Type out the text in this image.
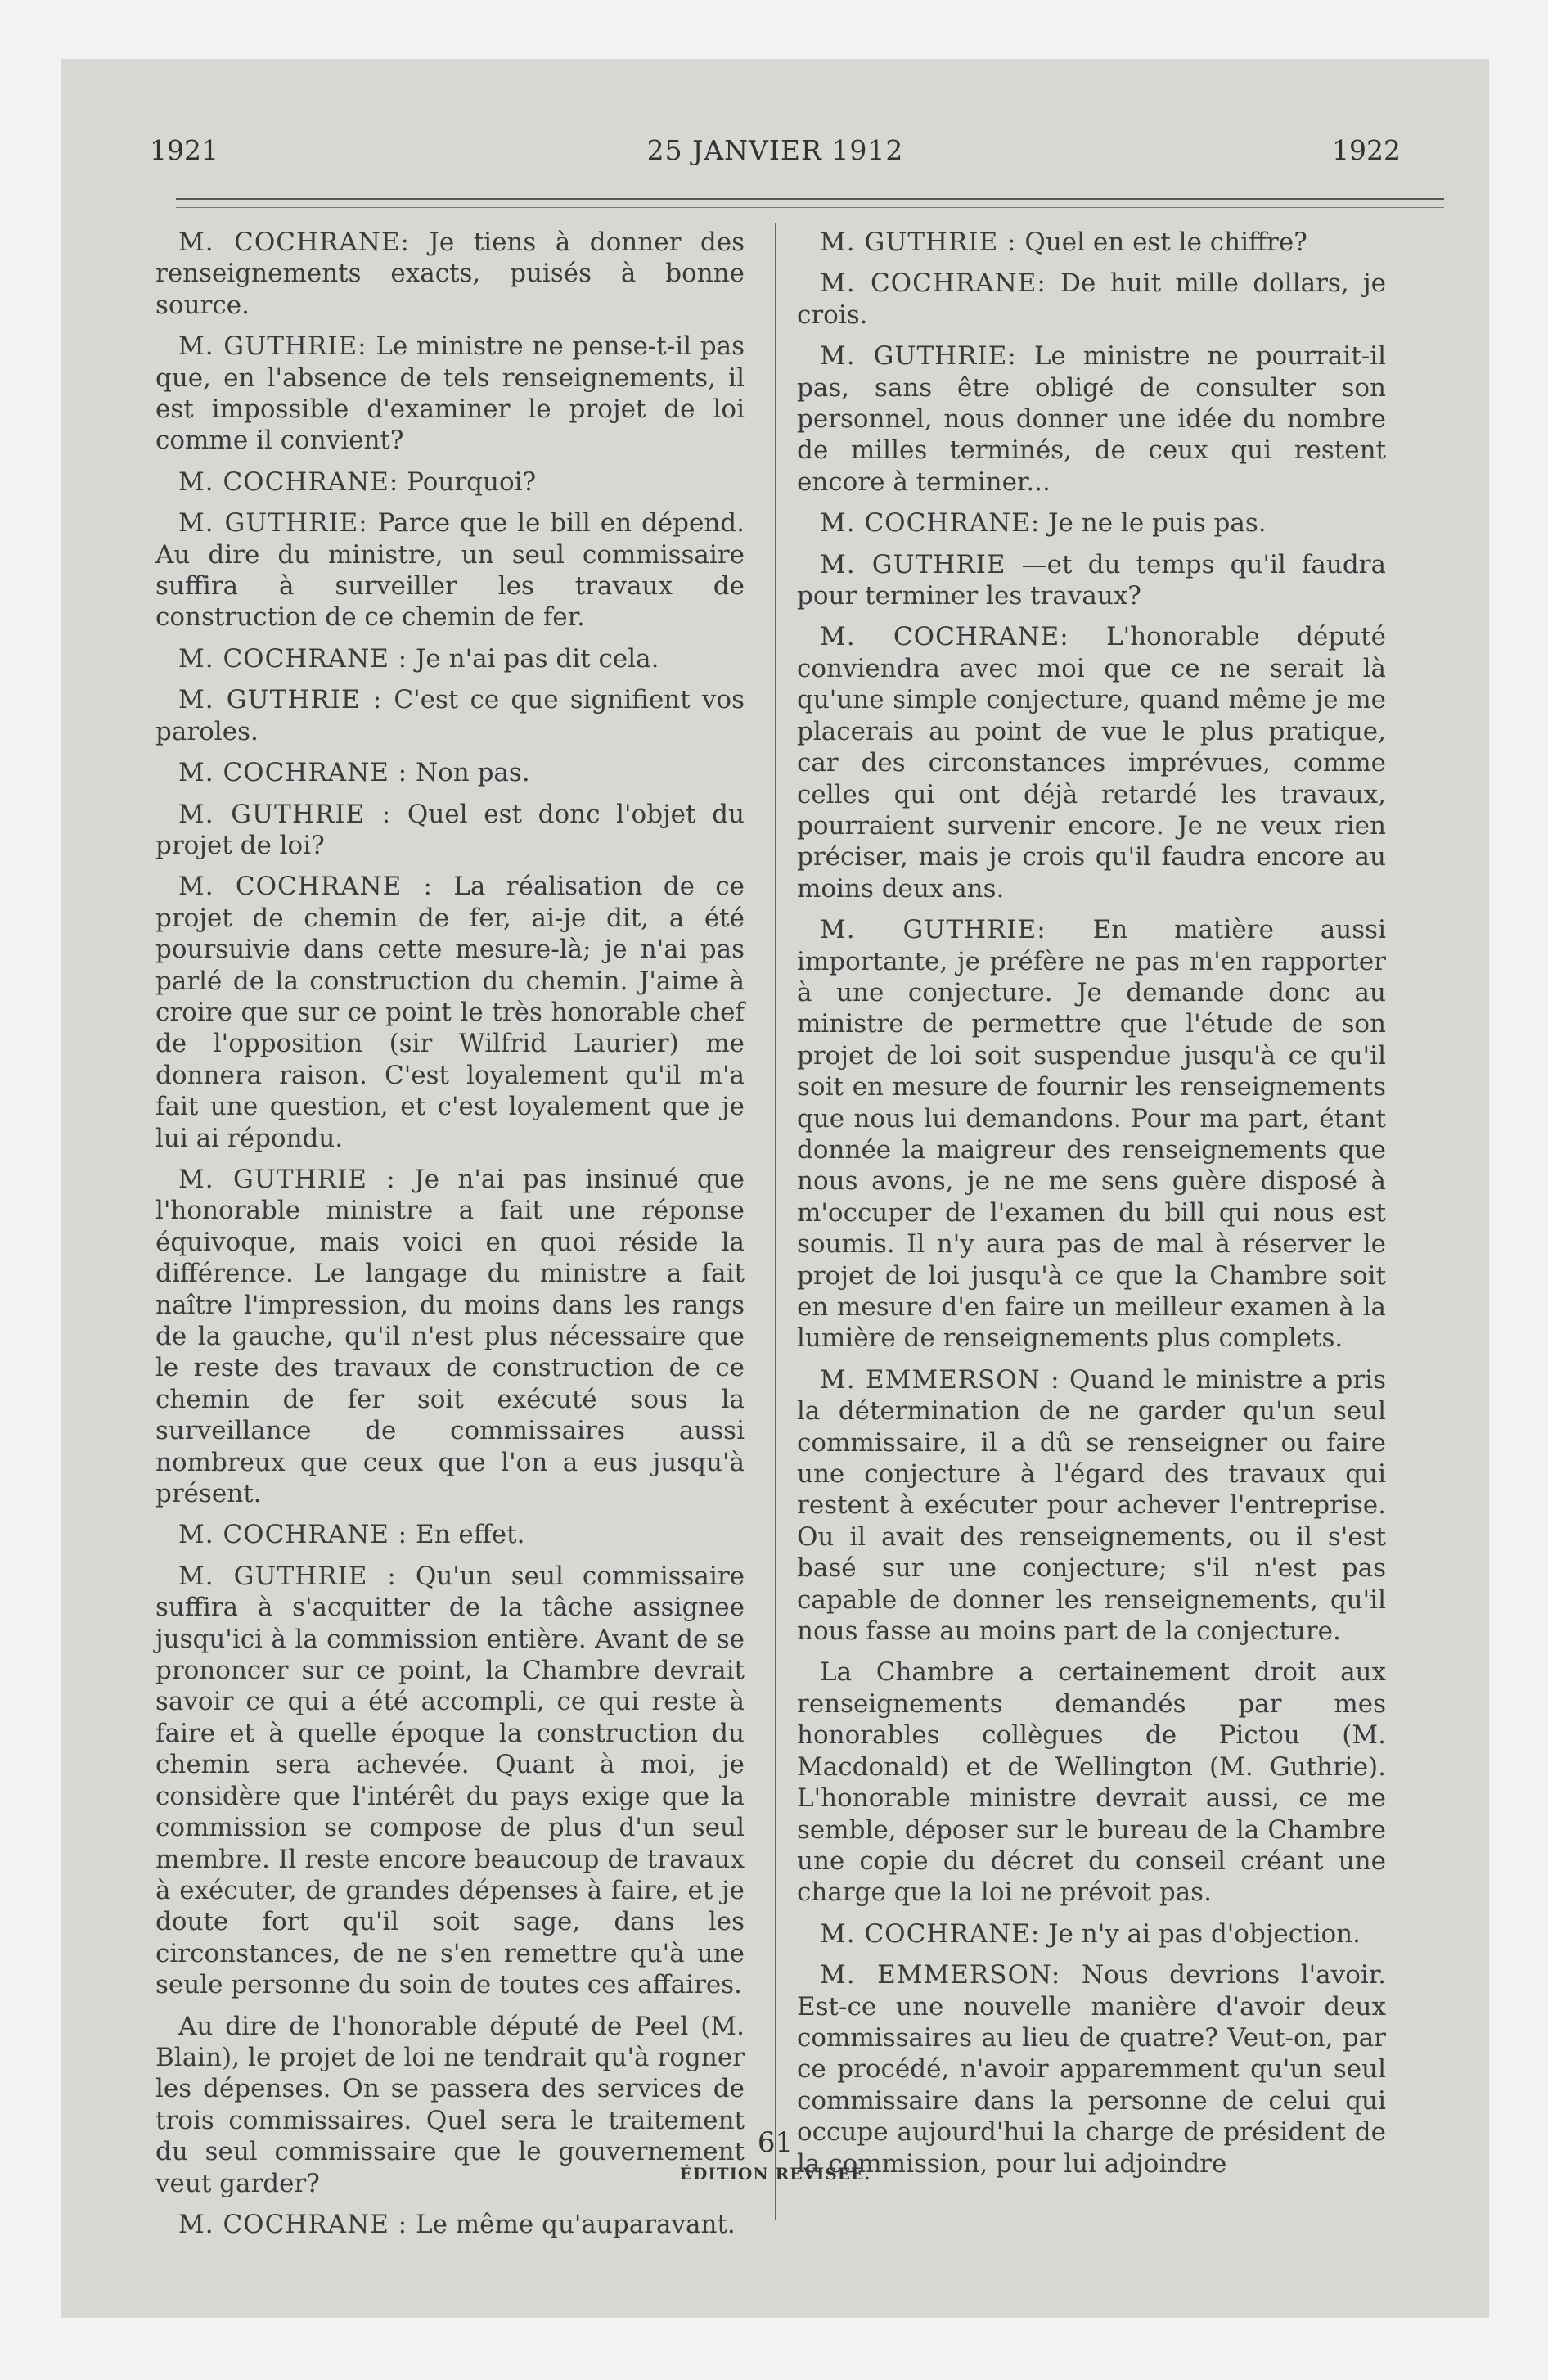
1921	25 JANVIER 1912	1922

M. COCHRANE: Je tiens à donner des renseignements exacts, puisés à bonne source.

M. GUTHRIE: Le ministre ne pense-t-il pas que, en l'absence de tels renseignements, il est impossible d'examiner le projet de loi comme il convient?

M. COCHRANE: Pourquoi?

M. GUTHRIE: Parce que le bill en dépend. Au dire du ministre, un seul commissaire suffira à surveiller les travaux de construction de ce chemin de fer.

M. COCHRANE : Je n'ai pas dit cela.

M. GUTHRIE : C'est ce que signifient vos paroles.

M. COCHRANE : Non pas.

M. GUTHRIE : Quel est donc l'objet du projet de loi?

M. COCHRANE : La réalisation de ce projet de chemin de fer, ai-je dit, a été poursuivie dans cette mesure-là; je n'ai pas parlé de la construction du chemin. J'aime à croire que sur ce point le très honorable chef de l'opposition (sir Wilfrid Laurier) me donnera raison. C'est loyalement qu'il m'a fait une question, et c'est loyalement que je lui ai répondu.

M. GUTHRIE : Je n'ai pas insinué que l'honorable ministre a fait une réponse équivoque, mais voici en quoi réside la différence. Le langage du ministre a fait naître l'impression, du moins dans les rangs de la gauche, qu'il n'est plus nécessaire que le reste des travaux de construction de ce chemin de fer soit exécuté sous la surveillance de commissaires aussi nombreux que ceux que l'on a eus jusqu'à présent.

M. COCHRANE : En effet.

M. GUTHRIE : Qu'un seul commissaire suffira à s'acquitter de la tâche assignee jusqu'ici à la commission entière. Avant de se prononcer sur ce point, la Chambre devrait savoir ce qui a été accompli, ce qui reste à faire et à quelle époque la construction du chemin sera achevée. Quant à moi, je considère que l'intérêt du pays exige que la commission se compose de plus d'un seul membre. Il reste encore beaucoup de travaux à exécuter, de grandes dépenses à faire, et je doute fort qu'il soit sage, dans les circonstances, de ne s'en remettre qu'à une seule personne du soin de toutes ces affaires.

Au dire de l'honorable député de Peel (M. Blain), le projet de loi ne tendrait qu'à rogner les dépenses. On se passera des services de trois commissaires. Quel sera le traitement du seul commissaire que le gouvernement veut garder?

M. COCHRANE : Le même qu'auparavant.

M. GUTHRIE : Quel en est le chiffre?

M. COCHRANE: De huit mille dollars, je crois.

M. GUTHRIE: Le ministre ne pourrait-il pas, sans être obligé de consulter son personnel, nous donner une idée du nombre de milles terminés, de ceux qui restent encore à terminer...

M. COCHRANE: Je ne le puis pas.

M. GUTHRIE —et du temps qu'il faudra pour terminer les travaux?

M. COCHRANE: L'honorable député conviendra avec moi que ce ne serait là qu'une simple conjecture, quand même je me placerais au point de vue le plus pratique, car des circonstances imprévues, comme celles qui ont déjà retardé les travaux, pourraient survenir encore. Je ne veux rien préciser, mais je crois qu'il faudra encore au moins deux ans.

M. GUTHRIE: En matière aussi importante, je préfère ne pas m'en rapporter à une conjecture. Je demande donc au ministre de permettre que l'étude de son projet de loi soit suspendue jusqu'à ce qu'il soit en mesure de fournir les renseignements que nous lui demandons. Pour ma part, étant donnée la maigreur des renseignements que nous avons, je ne me sens guère disposé à m'occuper de l'examen du bill qui nous est soumis. Il n'y aura pas de mal à réserver le projet de loi jusqu'à ce que la Chambre soit en mesure d'en faire un meilleur examen à la lumière de renseignements plus complets.

M. EMMERSON : Quand le ministre a pris la détermination de ne garder qu'un seul commissaire, il a dû se renseigner ou faire une conjecture à l'égard des travaux qui restent à exécuter pour achever l'entreprise. Ou il avait des renseignements, ou il s'est basé sur une conjecture; s'il n'est pas capable de donner les renseignements, qu'il nous fasse au moins part de la conjecture.

La Chambre a certainement droit aux renseignements demandés par mes honorables collègues de Pictou (M. Macdonald) et de Wellington (M. Guthrie). L'honorable ministre devrait aussi, ce me semble, déposer sur le bureau de la Chambre une copie du décret du conseil créant une charge que la loi ne prévoit pas.

M. COCHRANE: Je n'y ai pas d'objection.

M. EMMERSON: Nous devrions l'avoir. Est-ce une nouvelle manière d'avoir deux commissaires au lieu de quatre? Veut-on, par ce procédé, n'avoir apparemment qu'un seul commissaire dans la personne de celui qui occupe aujourd'hui la charge de président de la commission, pour lui adjoindre

61
ÉDITION REVISÉE.
